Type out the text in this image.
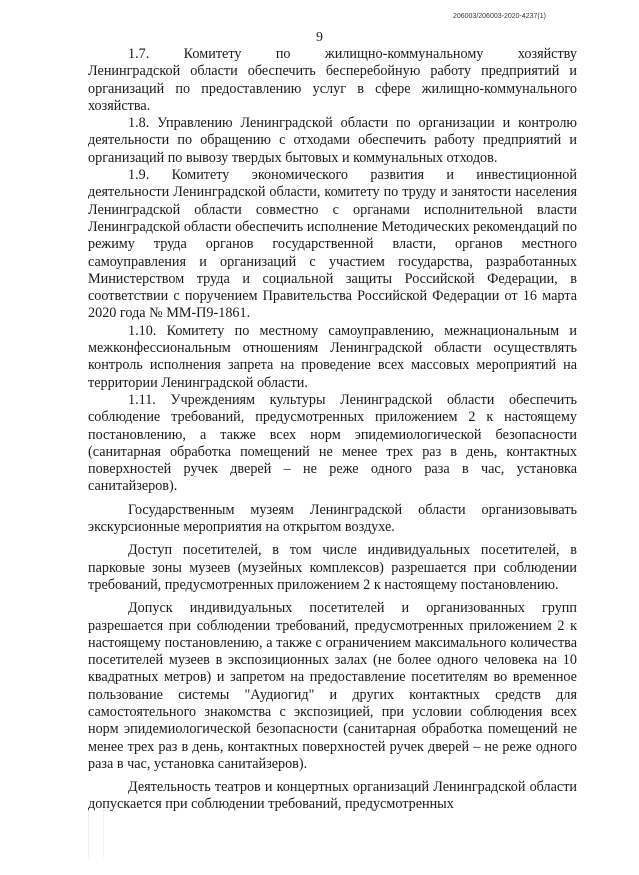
206003/206003-2020-4237(1)
9

1.7.    Комитету    по    жилищно-коммунальному    хозяйству Ленинградской области обеспечить бесперебойную работу предприятий и организаций по предоставлению услуг в сфере жилищно-коммунального хозяйства.

1.8. Управлению Ленинградской области по организации и контролю деятельности по обращению с отходами обеспечить работу предприятий и организаций по вывозу твердых бытовых и коммунальных отходов.

1.9.   Комитету   экономического   развития   и   инвестиционной деятельности Ленинградской области, комитету по труду и занятости населения Ленинградской области совместно с органами исполнительной власти Ленинградской области обеспечить исполнение Методических рекомендаций по режиму труда органов государственной власти, органов местного самоуправления и организаций с участием государства, разработанных Министерством труда и социальной защиты Российской Федерации, в соответствии с поручением Правительства Российской Федерации от 16 марта 2020 года № ММ-П9-1861.

1.10. Комитету по местному самоуправлению, межнациональным и межконфессиональным отношениям Ленинградской области осуществлять контроль исполнения запрета на проведение всех массовых мероприятий на территории Ленинградской области.

1.11. Учреждениям культуры Ленинградской области обеспечить соблюдение требований, предусмотренных приложением 2 к настоящему постановлению, а также всех норм эпидемиологической безопасности (санитарная обработка помещений не менее трех раз в день, контактных поверхностей ручек дверей – не реже одного раза в час, установка санитайзеров).

Государственным музеям Ленинградской области организовывать экскурсионные мероприятия на открытом воздухе.

Доступ посетителей, в том числе индивидуальных посетителей, в парковые зоны музеев (музейных комплексов) разрешается при соблюдении требований, предусмотренных приложением 2 к настоящему постановлению.

Допуск индивидуальных посетителей и организованных групп разрешается при соблюдении требований, предусмотренных приложением 2 к настоящему постановлению, а также с ограничением максимального количества посетителей музеев в экспозиционных залах (не более одного человека на 10 квадратных метров) и запретом на предоставление посетителям во временное пользование системы "Аудиогид" и других контактных средств для самостоятельного знакомства с экспозицией, при условии соблюдения всех норм эпидемиологической безопасности (санитарная обработка помещений не менее трех раз в день, контактных поверхностей ручек дверей – не реже одного раза в час, установка санитайзеров).

Деятельность театров и концертных организаций Ленинградской области допускается при соблюдении требований, предусмотренных
